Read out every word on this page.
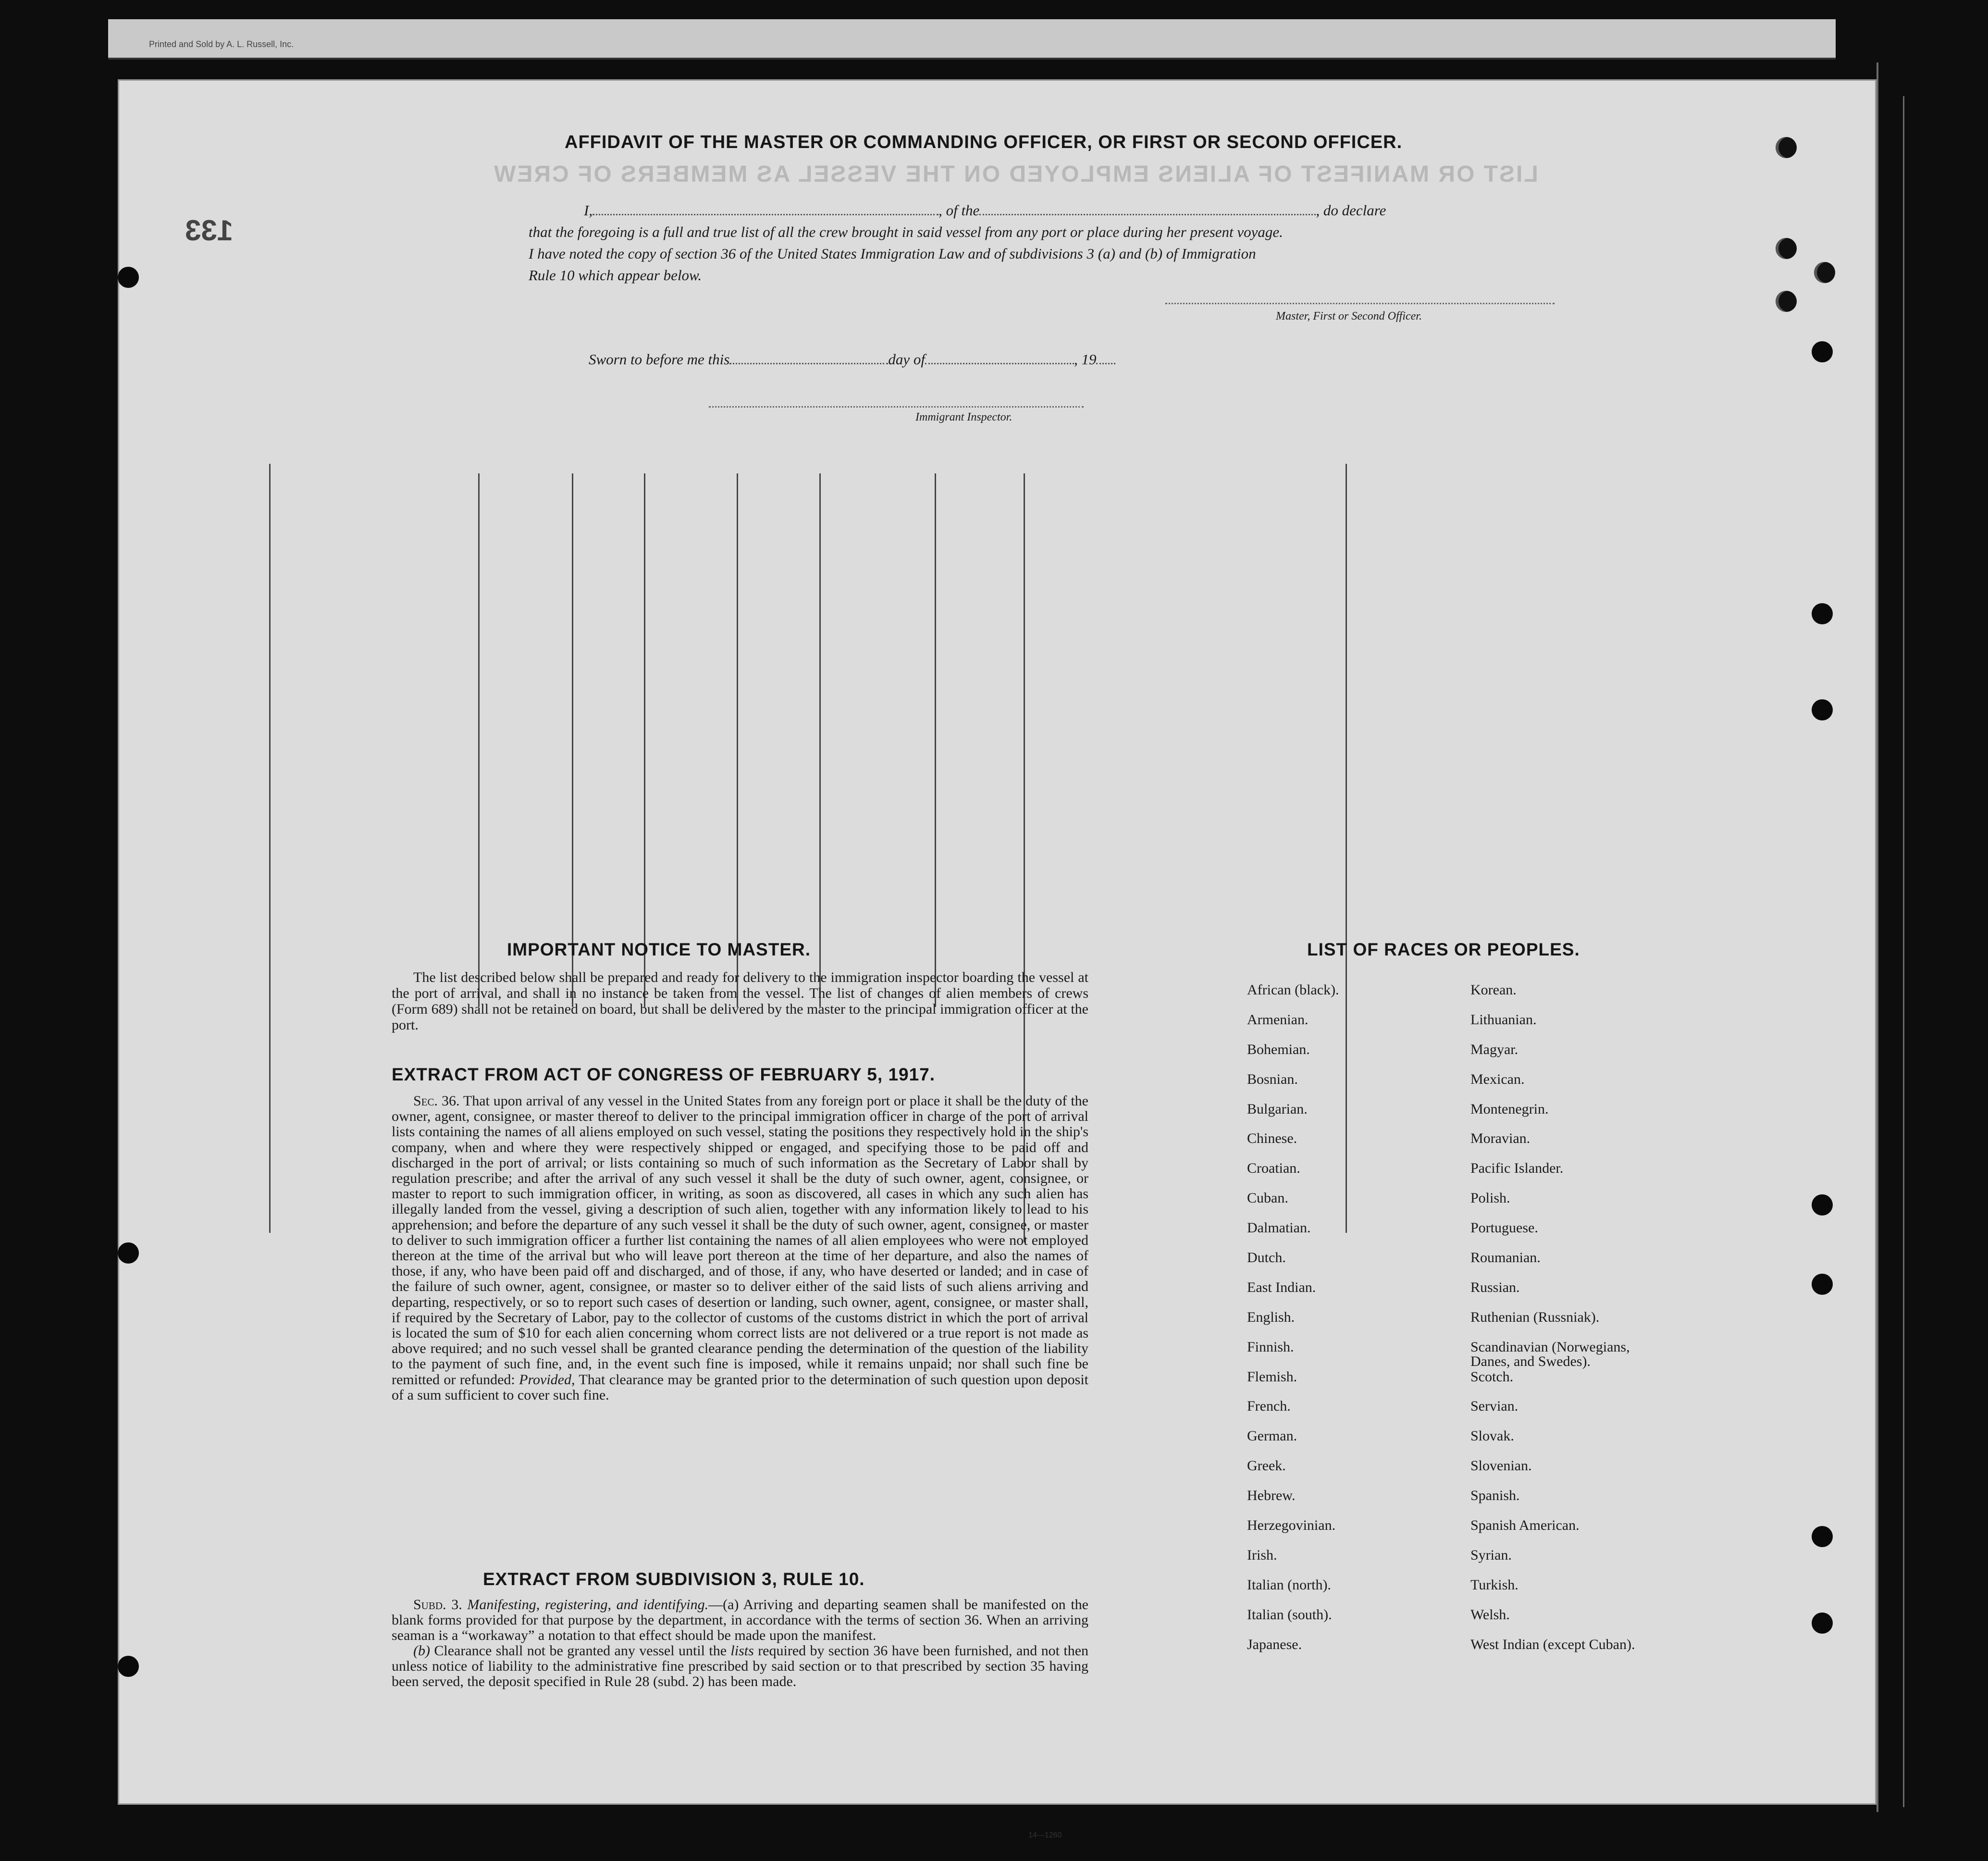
Printed and Sold by A. L. Russell, Inc.
LIST OR MANIFEST OF ALIENS EMPLOYED ON THE VESSEL AS MEMBERS OF CREW
133
AFFIDAVIT OF THE MASTER OR COMMANDING OFFICER, OR FIRST OR SECOND OFFICER.
I,	, of the	, do declare
that the foregoing is a full and true list of all the crew brought in said vessel from any port or place during her present voyage.
I have noted the copy of section 36 of the United States Immigration Law and of subdivisions 3 (a) and (b) of Immigration
Rule 10 which appear below.
Master, First or Second Officer.
Sworn to before me this	day of	, 19
Immigrant Inspector.
IMPORTANT NOTICE TO MASTER.

The list described below shall be prepared and ready for delivery to the immigration inspector boarding the vessel at the port of arrival, and shall in no instance be taken from the vessel. The list of changes of alien members of crews (Form 689) shall not be retained on board, but shall be delivered by the master to the principal immigration officer at the port.

EXTRACT FROM ACT OF CONGRESS OF FEBRUARY 5, 1917.

Sec. 36. That upon arrival of any vessel in the United States from any foreign port or place it shall be the duty of the owner, agent, consignee, or master thereof to deliver to the principal immigration officer in charge of the port of arrival lists containing the names of all aliens employed on such vessel, stating the positions they respectively hold in the ship's company, when and where they were respectively shipped or engaged, and specifying those to be paid off and discharged in the port of arrival; or lists containing so much of such information as the Secretary of Labor shall by regulation prescribe; and after the arrival of any such vessel it shall be the duty of such owner, agent, consignee, or master to report to such immigration officer, in writing, as soon as discovered, all cases in which any such alien has illegally landed from the vessel, giving a description of such alien, together with any information likely to lead to his apprehension; and before the departure of any such vessel it shall be the duty of such owner, agent, consignee, or master to deliver to such immigration officer a further list containing the names of all alien employees who were not employed thereon at the time of the arrival but who will leave port thereon at the time of her departure, and also the names of those, if any, who have been paid off and discharged, and of those, if any, who have deserted or landed; and in case of the failure of such owner, agent, consignee, or master so to deliver either of the said lists of such aliens arriving and departing, respectively, or so to report such cases of desertion or landing, such owner, agent, consignee, or master shall, if required by the Secretary of Labor, pay to the collector of customs of the customs district in which the port of arrival is located the sum of $10 for each alien concerning whom correct lists are not delivered or a true report is not made as above required; and no such vessel shall be granted clearance pending the determination of the question of the liability to the payment of such fine, and, in the event such fine is imposed, while it remains unpaid; nor shall such fine be remitted or refunded: Provided, That clearance may be granted prior to the determination of such question upon deposit of a sum sufficient to cover such fine.

EXTRACT FROM SUBDIVISION 3, RULE 10.

Subd. 3. Manifesting, registering, and identifying.—(a) Arriving and departing seamen shall be manifested on the blank forms provided for that purpose by the department, in accordance with the terms of section 36. When an arriving seaman is a “workaway” a notation to that effect should be made upon the manifest.

(b) Clearance shall not be granted any vessel until the lists required by section 36 have been furnished, and not then unless notice of liability to the administrative fine prescribed by said section or to that prescribed by section 35 having been served, the deposit specified in Rule 28 (subd. 2) has been made.

14—1260
LIST OF RACES OR PEOPLES.
African (black).
Armenian.
Bohemian.
Bosnian.
Bulgarian.
Chinese.
Croatian.
Cuban.
Dalmatian.
Dutch.
East Indian.
English.
Finnish.
Flemish.
French.
German.
Greek.
Hebrew.
Herzegovinian.
Irish.
Italian (north).
Italian (south).
Japanese.
Korean.
Lithuanian.
Magyar.
Mexican.
Montenegrin.
Moravian.
Pacific Islander.
Polish.
Portuguese.
Roumanian.
Russian.
Ruthenian (Russniak).
Scandinavian (Norwegians, Danes, and Swedes).
Scotch.
Servian.
Slovak.
Slovenian.
Spanish.
Spanish American.
Syrian.
Turkish.
Welsh.
West Indian (except Cuban).
